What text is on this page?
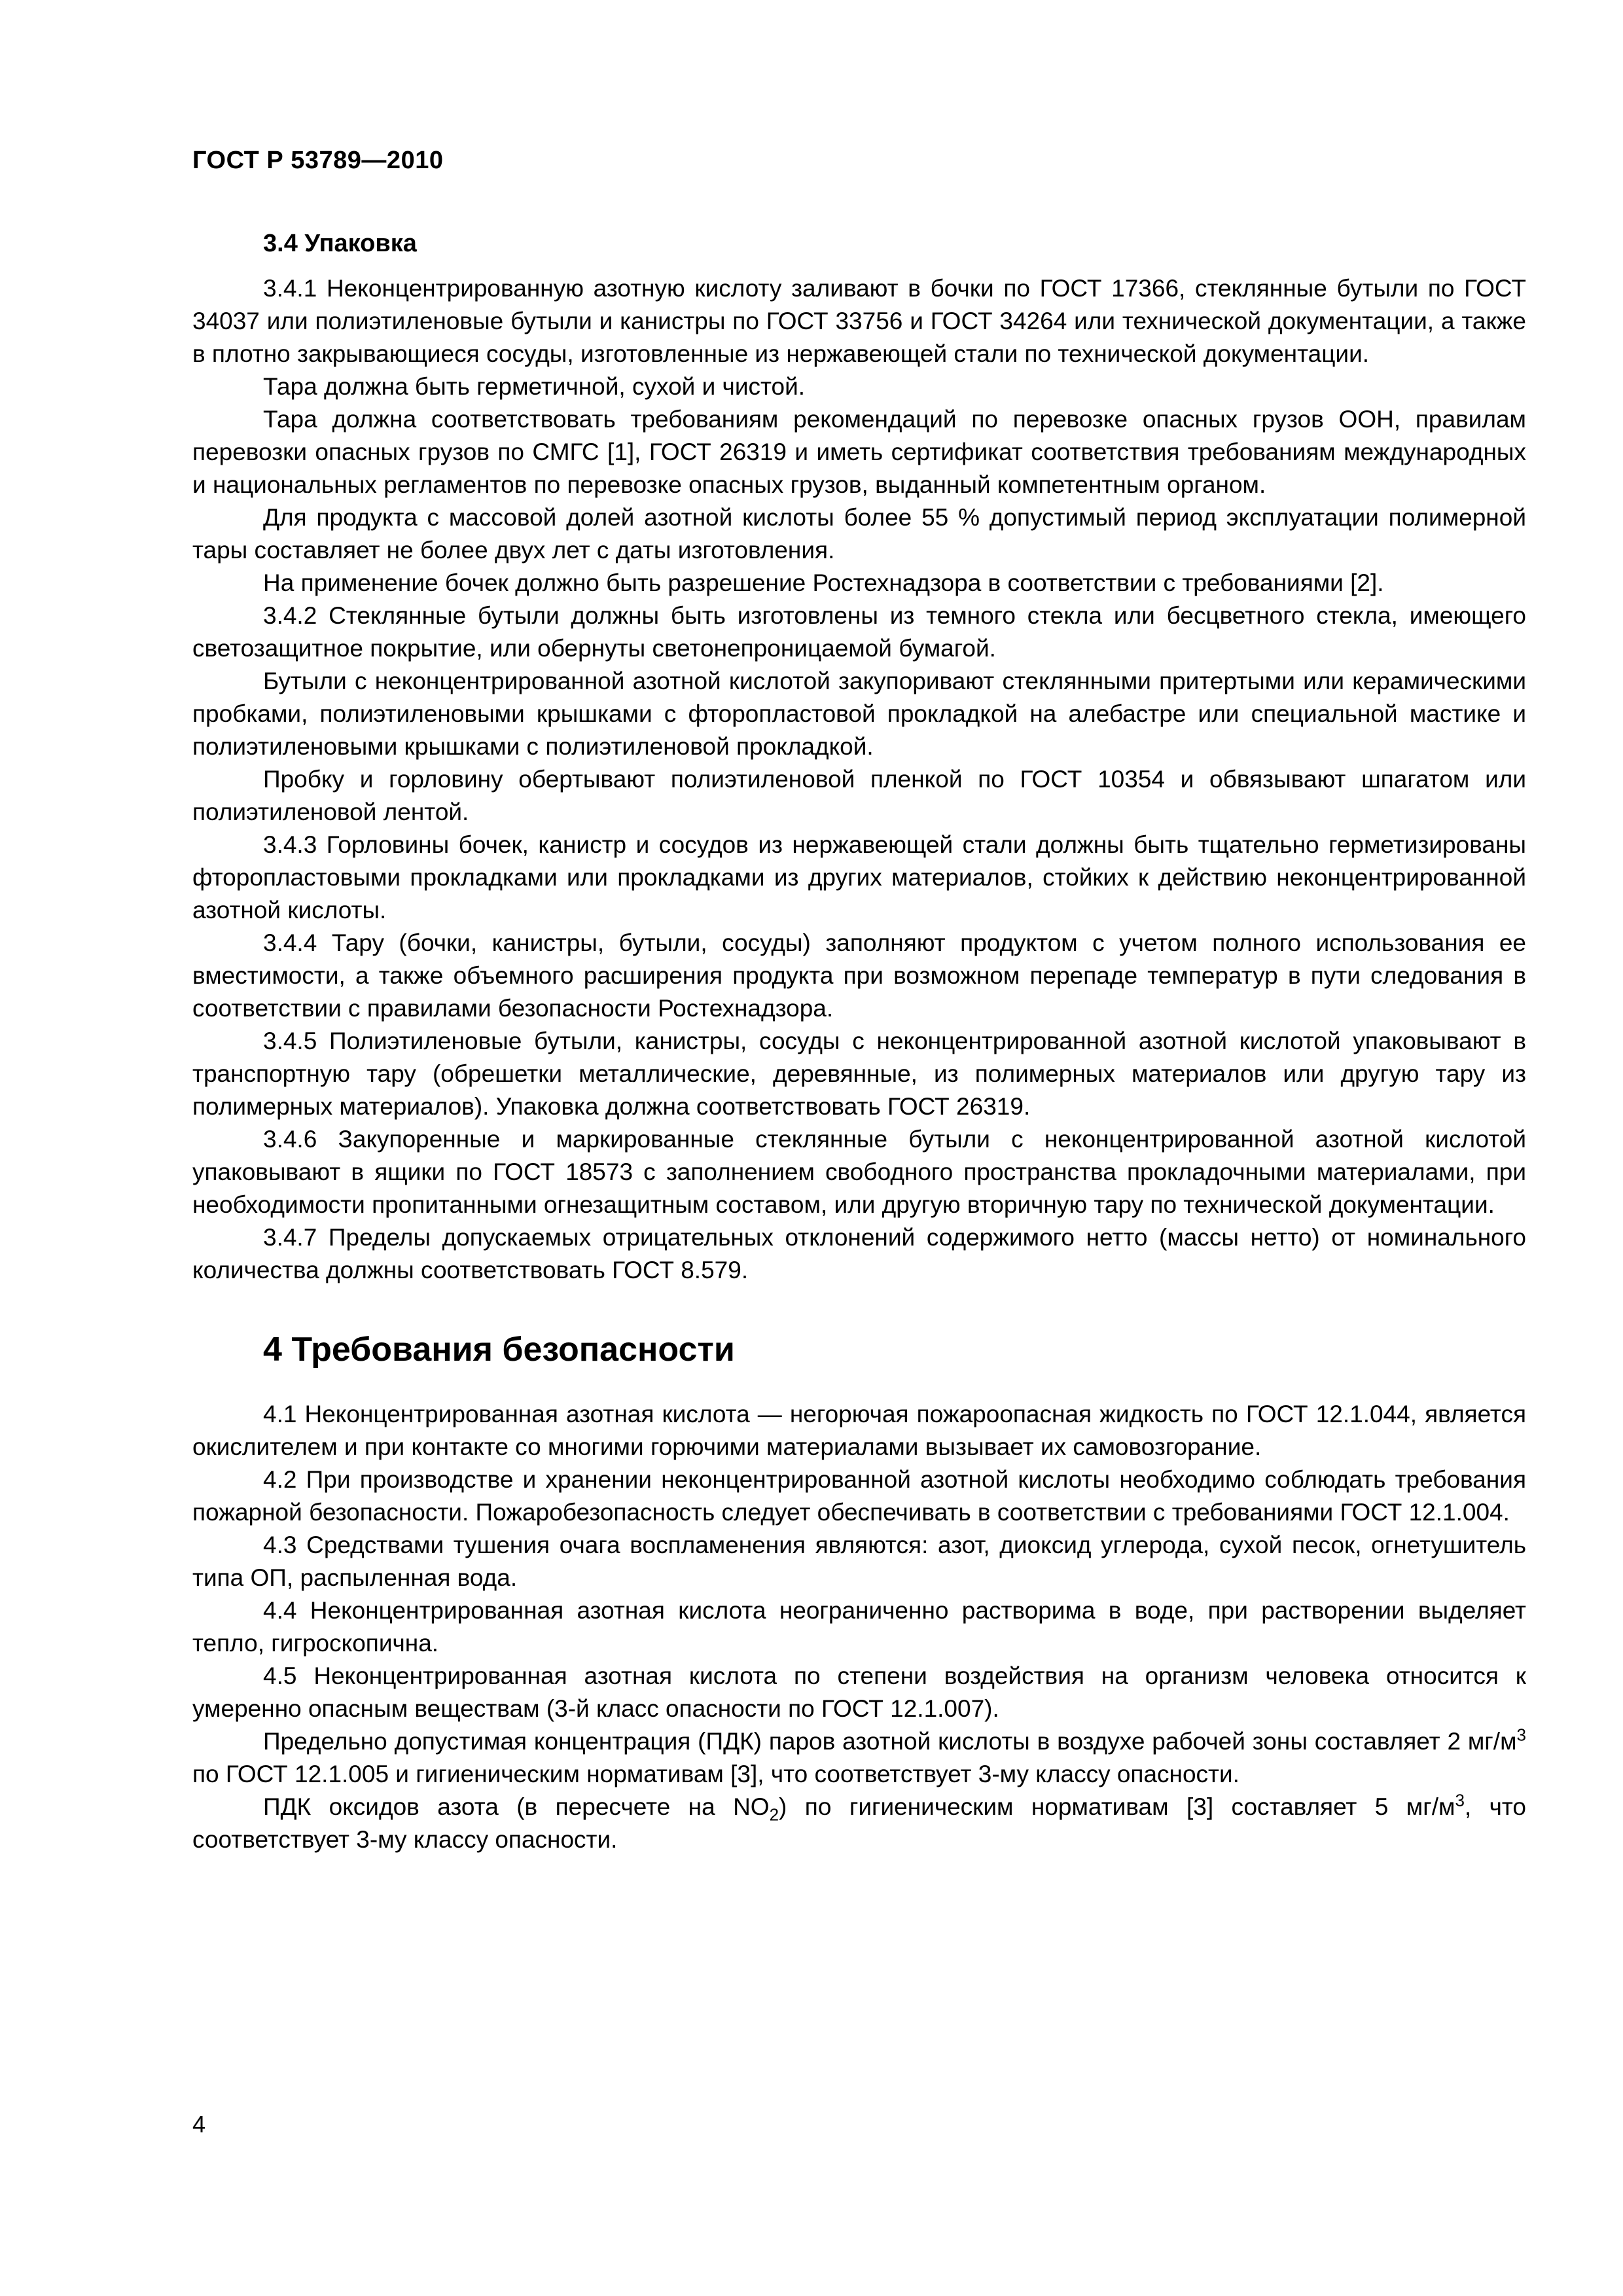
ГОСТ Р 53789—2010
3.4 Упаковка

3.4.1 Неконцентрированную азотную кислоту заливают в бочки по ГОСТ 17366, стеклянные бутыли по ГОСТ 34037 или полиэтиленовые бутыли и канистры по ГОСТ 33756 и ГОСТ 34264 или технической документации, а также в плотно закрывающиеся сосуды, изготовленные из нержавеющей стали по технической документации.

Тара должна быть герметичной, сухой и чистой.

Тара должна соответствовать требованиям рекомендаций по перевозке опасных грузов ООН, правилам перевозки опасных грузов по СМГС [1], ГОСТ 26319 и иметь сертификат соответствия требованиям международных и национальных регламентов по перевозке опасных грузов, выданный компетентным органом.

Для продукта с массовой долей азотной кислоты более 55 % допустимый период эксплуатации полимерной тары составляет не более двух лет с даты изготовления.

На применение бочек должно быть разрешение Ростехнадзора в соответствии с требованиями [2].

3.4.2 Стеклянные бутыли должны быть изготовлены из темного стекла или бесцветного стекла, имеющего светозащитное покрытие, или обернуты светонепроницаемой бумагой.

Бутыли с неконцентрированной азотной кислотой закупоривают стеклянными притертыми или керамическими пробками, полиэтиленовыми крышками с фторопластовой прокладкой на алебастре или специальной мастике и полиэтиленовыми крышками с полиэтиленовой прокладкой.

Пробку и горловину обертывают полиэтиленовой пленкой по ГОСТ 10354 и обвязывают шпагатом или полиэтиленовой лентой.

3.4.3 Горловины бочек, канистр и сосудов из нержавеющей стали должны быть тщательно герметизированы фторопластовыми прокладками или прокладками из других материалов, стойких к действию неконцентрированной азотной кислоты.

3.4.4 Тару (бочки, канистры, бутыли, сосуды) заполняют продуктом с учетом полного использования ее вместимости, а также объемного расширения продукта при возможном перепаде температур в пути следования в соответствии с правилами безопасности Ростехнадзора.

3.4.5 Полиэтиленовые бутыли, канистры, сосуды с неконцентрированной азотной кислотой упаковывают в транспортную тару (обрешетки металлические, деревянные, из полимерных материалов или другую тару из полимерных материалов). Упаковка должна соответствовать ГОСТ 26319.

3.4.6 Закупоренные и маркированные стеклянные бутыли с неконцентрированной азотной кислотой упаковывают в ящики по ГОСТ 18573 с заполнением свободного пространства прокладочными материалами, при необходимости пропитанными огнезащитным составом, или другую вторичную тару по технической документации.

3.4.7 Пределы допускаемых отрицательных отклонений содержимого нетто (массы нетто) от номинального количества должны соответствовать ГОСТ 8.579.

4 Требования безопасности

4.1 Неконцентрированная азотная кислота — негорючая пожароопасная жидкость по ГОСТ 12.1.044, является окислителем и при контакте со многими горючими материалами вызывает их самовозгорание.

4.2 При производстве и хранении неконцентрированной азотной кислоты необходимо соблюдать требования пожарной безопасности. Пожаробезопасность следует обеспечивать в соответствии с требованиями ГОСТ 12.1.004.

4.3 Средствами тушения очага воспламенения являются: азот, диоксид углерода, сухой песок, огнетушитель типа ОП, распыленная вода.

4.4 Неконцентрированная азотная кислота неограниченно растворима в воде, при растворении выделяет тепло, гигроскопична.

4.5 Неконцентрированная азотная кислота по степени воздействия на организм человека относится к умеренно опасным веществам (3-й класс опасности по ГОСТ 12.1.007).

Предельно допустимая концентрация (ПДК) паров азотной кислоты в воздухе рабочей зоны составляет 2 $мг/м^3$ по ГОСТ 12.1.005 и гигиеническим нормативам [3], что соответствует 3-му классу опасности.

ПДК оксидов азота (в пересчете на $NO_2$) по гигиеническим нормативам [3] составляет 5 $мг/м^3$, что соответствует 3-му классу опасности.

4
